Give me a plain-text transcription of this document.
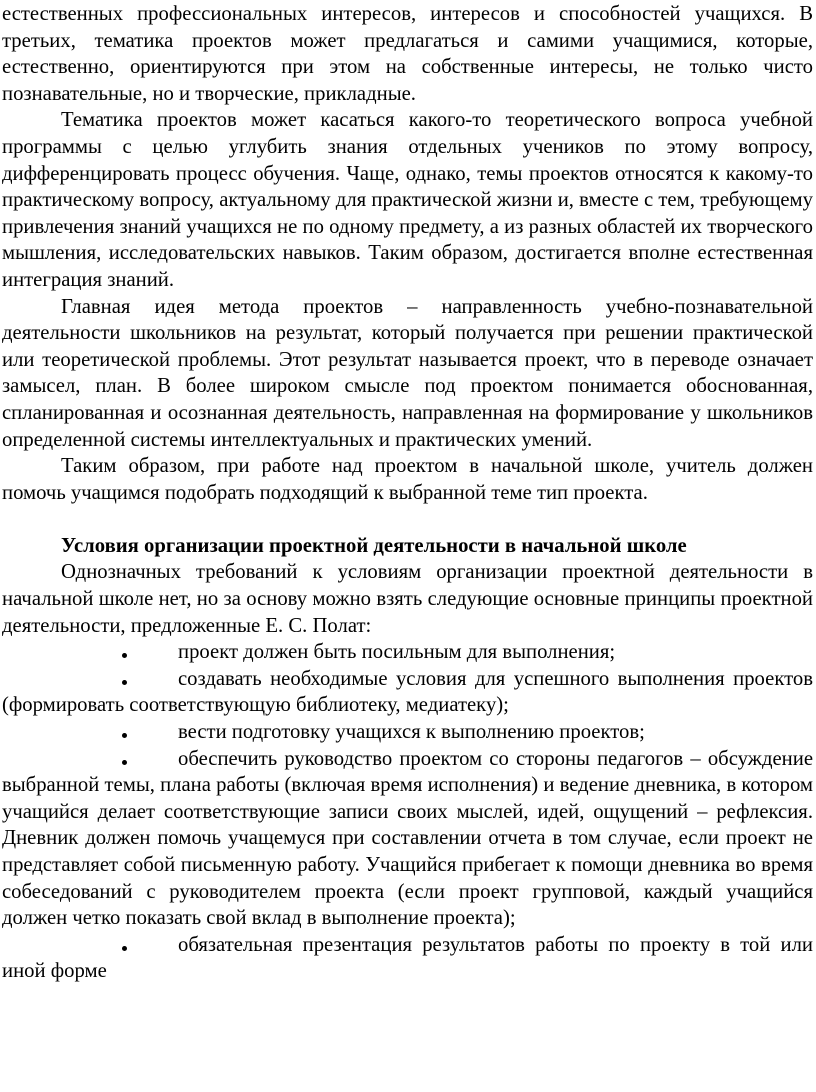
естественных профессиональных интересов, интересов и способностей учащихся. В третьих, тематика проектов может предлагаться и самими учащимися, которые, естественно, ориентируются при этом на собственные интересы, не только чисто познавательные, но и творческие, прикладные.

Тематика проектов может касаться какого-то теоретического вопроса учебной программы с целью углубить знания отдельных учеников по этому вопросу, дифференцировать процесс обучения. Чаще, однако, темы проектов относятся к какому-то практическому вопросу, актуальному для практической жизни и, вместе с тем, требующему привлечения знаний учащихся не по одному предмету, а из разных областей их творческого мышления, исследовательских навыков. Таким образом, достигается вполне естественная интеграция знаний.

Главная идея метода проектов – направленность учебно-познавательной деятельности школьников на результат, который получается при решении практической или теоретической проблемы. Этот результат называется проект, что в переводе означает замысел, план. В более широком смысле под проектом понимается обоснованная, спланированная и осознанная деятельность, направленная на формирование у школьников определенной системы интеллектуальных и практических умений.

Таким образом, при работе над проектом в начальной школе, учитель должен помочь учащимся подобрать подходящий к выбранной теме тип проекта.

Условия организации проектной деятельности в начальной школе

Однозначных требований к условиям организации проектной деятельности в начальной школе нет, но за основу можно взять следующие основные принципы проектной деятельности, предложенные Е. С. Полат:

проект должен быть посильным для выполнения;
создавать необходимые условия для успешного выполнения проектов (формировать соответствующую библиотеку, медиатеку);
вести подготовку учащихся к выполнению проектов;
обеспечить руководство проектом со стороны педагогов – обсуждение выбранной темы, плана работы (включая время исполнения) и ведение дневника, в котором учащийся делает соответствующие записи своих мыслей, идей, ощущений – рефлексия. Дневник должен помочь учащемуся при составлении отчета в том случае, если проект не представляет собой письменную работу. Учащийся прибегает к помощи дневника во время собеседований с руководителем проекта (если проект групповой, каждый учащийся должен четко показать свой вклад в выполнение проекта);
обязательная презентация результатов работы по проекту в той или иной форме
